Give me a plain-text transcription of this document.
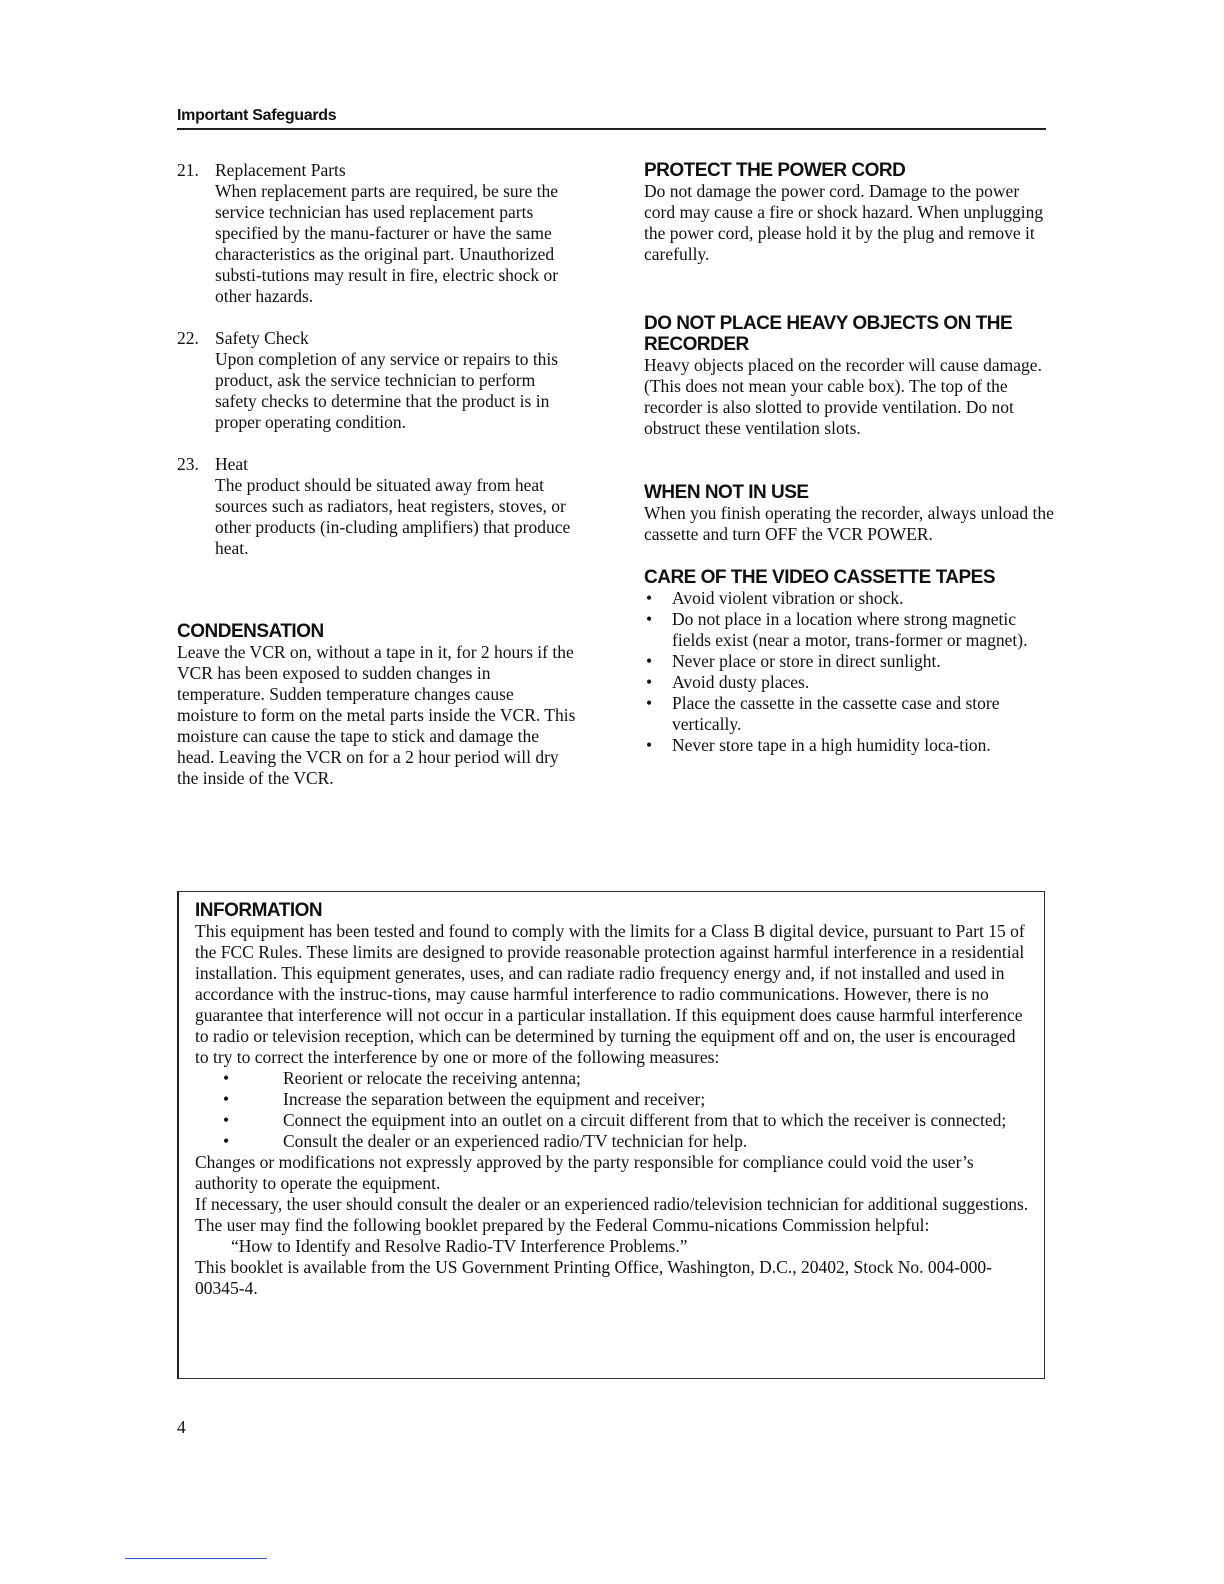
Important Safeguards
21. Replacement Parts
When replacement parts are required, be sure the service technician has used replacement parts specified by the manu-facturer or have the same characteristics as the original part. Unauthorized substi-tutions may result in fire, electric shock or other hazards.
22. Safety Check
Upon completion of any service or repairs to this product, ask the service technician to perform safety checks to determine that the product is in proper operating condition.
23. Heat
The product should be situated away from heat sources such as radiators, heat registers, stoves, or other products (in-cluding amplifiers) that produce heat.
CONDENSATION
Leave the VCR on, without a tape in it, for 2 hours if the VCR has been exposed to sudden changes in temperature. Sudden temperature changes cause moisture to form on the metal parts inside the VCR. This moisture can cause the tape to stick and damage the head. Leaving the VCR on for a 2 hour period will dry the inside of the VCR.
PROTECT THE POWER CORD
Do not damage the power cord. Damage to the power cord may cause a fire or shock hazard. When unplugging the power cord, please hold it by the plug and remove it carefully.
DO NOT PLACE HEAVY OBJECTS ON THE RECORDER
Heavy objects placed on the recorder will cause damage. (This does not mean your cable box). The top of the recorder is also slotted to provide ventilation. Do not obstruct these ventilation slots.
WHEN NOT IN USE
When you finish operating the recorder, always unload the cassette and turn OFF the VCR POWER.
CARE OF THE VIDEO CASSETTE TAPES
• Avoid violent vibration or shock.
• Do not place in a location where strong magnetic fields exist (near a motor, trans-former or magnet).
• Never place or store in direct sunlight.
• Avoid dusty places.
• Place the cassette in the cassette case and store vertically.
• Never store tape in a high humidity loca-tion.
INFORMATION
This equipment has been tested and found to comply with the limits for a Class B digital device, pursuant to Part 15 of the FCC Rules. These limits are designed to provide reasonable protection against harmful interference in a residential installation. This equipment generates, uses, and can radiate radio frequency energy and, if not installed and used in accordance with the instruc-tions, may cause harmful interference to radio communications. However, there is no guarantee that interference will not occur in a particular installation. If this equipment does cause harmful interference to radio or television reception, which can be determined by turning the equipment off and on, the user is encouraged to try to correct the interference by one or more of the following measures:
• Reorient or relocate the receiving antenna;
• Increase the separation between the equipment and receiver;
• Connect the equipment into an outlet on a circuit different from that to which the receiver is connected;
• Consult the dealer or an experienced radio/TV technician for help.
Changes or modifications not expressly approved by the party responsible for compliance could void the user’s authority to operate the equipment.
If necessary, the user should consult the dealer or an experienced radio/television technician for additional suggestions. The user may find the following booklet prepared by the Federal Commu-nications Commission helpful:
“How to Identify and Resolve Radio-TV Interference Problems.”
This booklet is available from the US Government Printing Office, Washington, D.C., 20402, Stock No. 004-000-00345-4.
4
